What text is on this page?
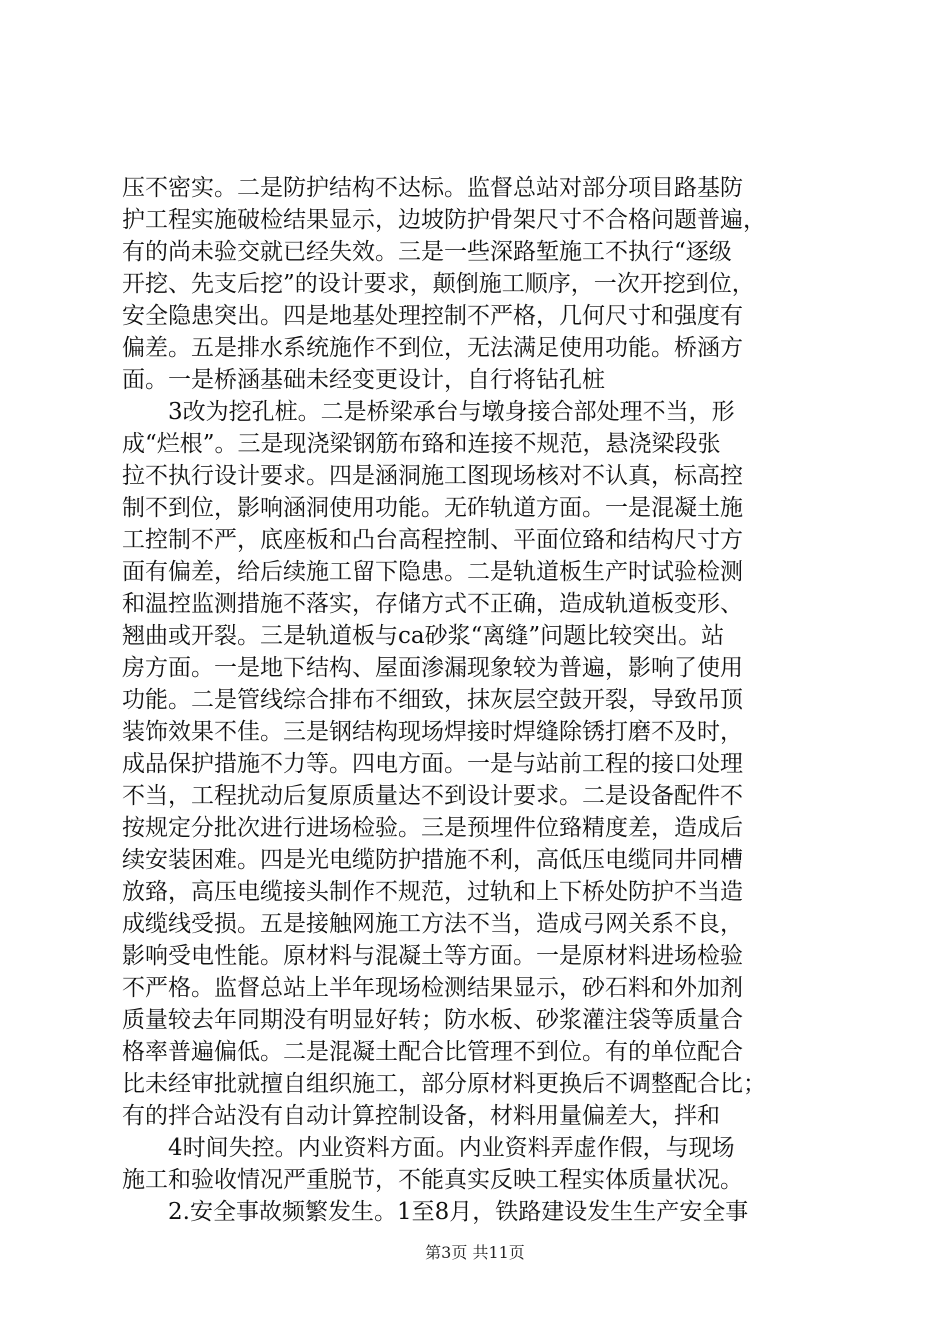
压不密实。二是防护结构不达标。监督总站对部分项目路基防
护工程实施破检结果显示，边坡防护骨架尺寸不合格问题普遍，
有的尚未验交就已经失效。三是一些深路堑施工不执行“逐级
开挖、先支后挖”的设计要求，颠倒施工顺序，一次开挖到位，
安全隐患突出。四是地基处理控制不严格，几何尺寸和强度有
偏差。五是排水系统施作不到位，无法满足使用功能。桥涵方
面。一是桥涵基础未经变更设计，自行将钻孔桩
3改为挖孔桩。二是桥梁承台与墩身接合部处理不当，形
成“烂根”。三是现浇梁钢筋布臵和连接不规范，悬浇梁段张
拉不执行设计要求。四是涵洞施工图现场核对不认真，标高控
制不到位，影响涵洞使用功能。无砟轨道方面。一是混凝土施
工控制不严，底座板和凸台高程控制、平面位臵和结构尺寸方
面有偏差，给后续施工留下隐患。二是轨道板生产时试验检测
和温控监测措施不落实，存储方式不正确，造成轨道板变形、
翘曲或开裂。三是轨道板与ca砂浆“离缝”问题比较突出。站
房方面。一是地下结构、屋面渗漏现象较为普遍，影响了使用
功能。二是管线综合排布不细致，抹灰层空鼓开裂，导致吊顶
装饰效果不佳。三是钢结构现场焊接时焊缝除锈打磨不及时，
成品保护措施不力等。四电方面。一是与站前工程的接口处理
不当，工程扰动后复原质量达不到设计要求。二是设备配件不
按规定分批次进行进场检验。三是预埋件位臵精度差，造成后
续安装困难。四是光电缆防护措施不利，高低压电缆同井同槽
放臵，高压电缆接头制作不规范，过轨和上下桥处防护不当造
成缆线受损。五是接触网施工方法不当，造成弓网关系不良，
影响受电性能。原材料与混凝土等方面。一是原材料进场检验
不严格。监督总站上半年现场检测结果显示，砂石料和外加剂
质量较去年同期没有明显好转；防水板、砂浆灌注袋等质量合
格率普遍偏低。二是混凝土配合比管理不到位。有的单位配合
比未经审批就擅自组织施工，部分原材料更换后不调整配合比；
有的拌合站没有自动计算控制设备，材料用量偏差大，拌和
4时间失控。内业资料方面。内业资料弄虚作假，与现场
施工和验收情况严重脱节，不能真实反映工程实体质量状况。
2.安全事故频繁发生。1至8月，铁路建设发生生产安全事
第3页 共11页
